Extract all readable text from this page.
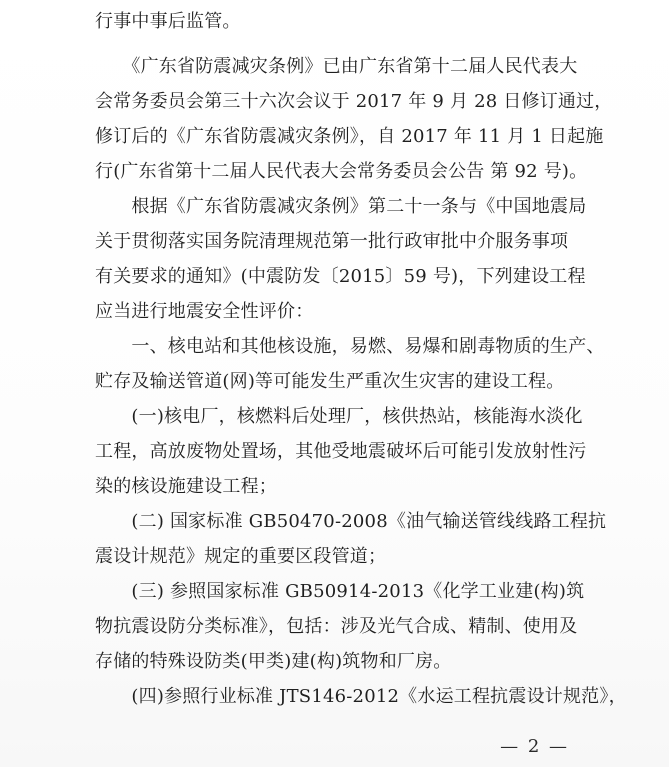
行事中事后监管。
　　《广东省防震减灾条例》已由广东省第十二届人民代表大
会常务委员会第三十六次会议于 2017 年 9 月 28 日修订通过，
修订后的《广东省防震减灾条例》，自 2017 年 11 月 1 日起施
行(广东省第十二届人民代表大会常务委员会公告 第 92 号)。
　　根据《广东省防震减灾条例》第二十一条与《中国地震局
关于贯彻落实国务院清理规范第一批行政审批中介服务事项
有关要求的通知》(中震防发〔2015〕59 号)，下列建设工程
应当进行地震安全性评价：
　　一、核电站和其他核设施，易燃、易爆和剧毒物质的生产、
贮存及输送管道(网)等可能发生严重次生灾害的建设工程。
　　(一)核电厂，核燃料后处理厂，核供热站，核能海水淡化
工程，高放废物处置场，其他受地震破坏后可能引发放射性污
染的核设施建设工程；
　　(二) 国家标准 GB50470-2008《油气输送管线线路工程抗
震设计规范》规定的重要区段管道；
　　(三) 参照国家标准 GB50914-2013《化学工业建(构)筑
物抗震设防分类标准》，包括：涉及光气合成、精制、使用及
存储的特殊设防类(甲类)建(构)筑物和厂房。
　　(四)参照行业标准 JTS146-2012《水运工程抗震设计规范》，
— 2 —
